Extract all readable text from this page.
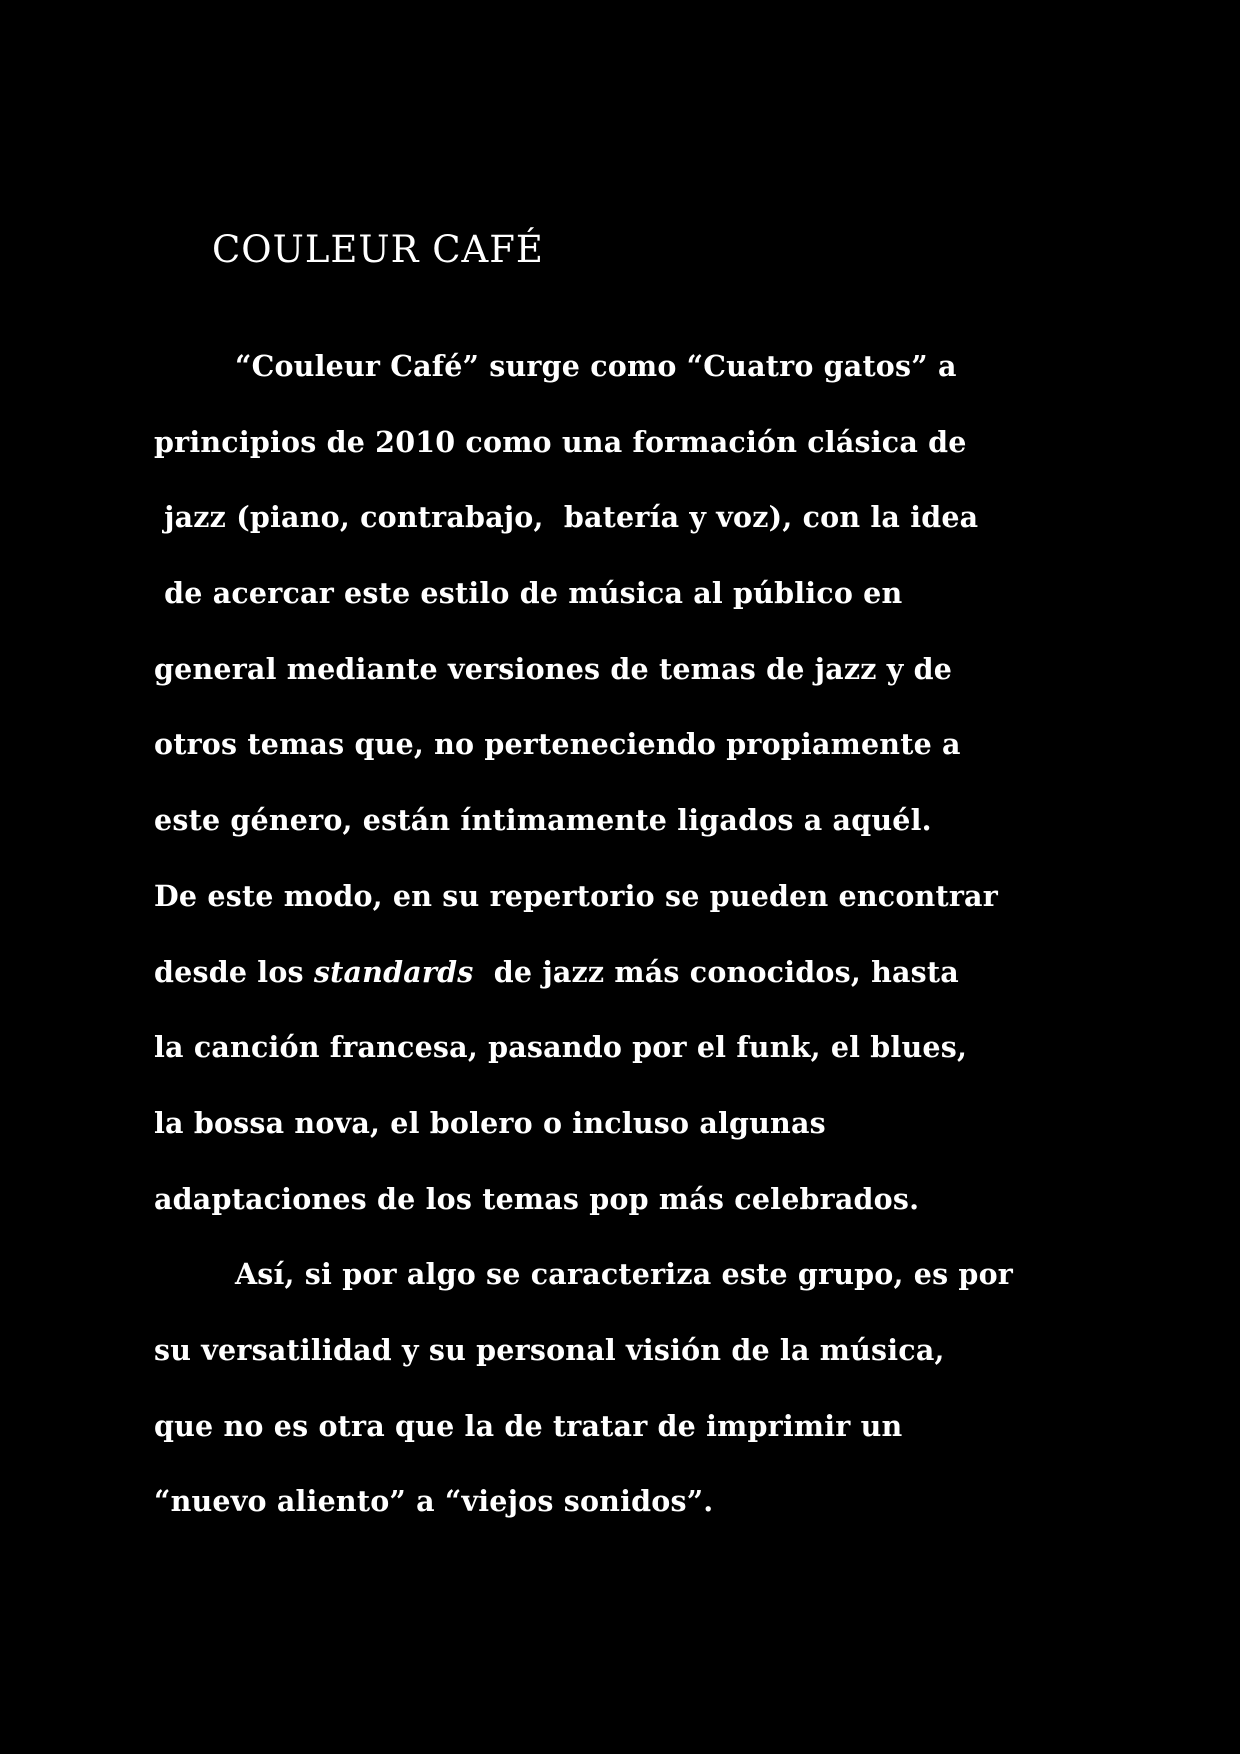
COULEUR CAFÉ
“Couleur Café” surge como “Cuatro gatos” a
principios de 2010 como una formación clásica de
jazz (piano, contrabajo,  batería y voz), con la idea
de acercar este estilo de música al público en
general mediante versiones de temas de jazz y de
otros temas que, no perteneciendo propiamente a
este género, están íntimamente ligados a aquél.
De este modo, en su repertorio se pueden encontrar
desde los standards  de jazz más conocidos, hasta
la canción francesa, pasando por el funk, el blues,
la bossa nova, el bolero o incluso algunas
adaptaciones de los temas pop más celebrados.
Así, si por algo se caracteriza este grupo, es por
su versatilidad y su personal visión de la música,
que no es otra que la de tratar de imprimir un
“nuevo aliento” a “viejos sonidos”.
